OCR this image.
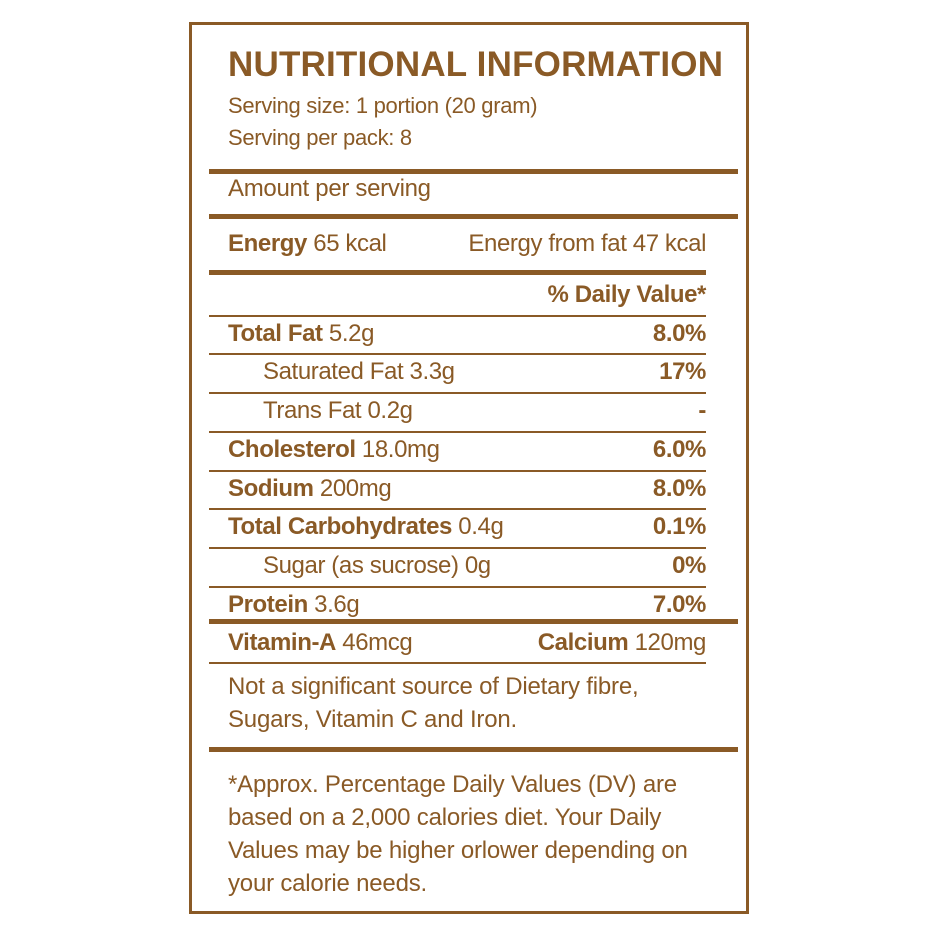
NUTRITIONAL INFORMATION
Serving size: 1 portion (20 gram)
Serving per pack: 8
Amount per serving
Energy 65 kcal	Energy from fat 47 kcal
% Daily Value*
Total Fat 5.2g	8.0%
Saturated Fat 3.3g	17%
Trans Fat 0.2g	-
Cholesterol 18.0mg	6.0%
Sodium 200mg	8.0%
Total Carbohydrates 0.4g	0.1%
Sugar (as sucrose) 0g	0%
Protein 3.6g	7.0%
Vitamin-A 46mcg	Calcium 120mg
Not a significant source of Dietary fibre,
Sugars, Vitamin C and Iron.
*Approx. Percentage Daily Values (DV) are
based on a 2,000 calories diet. Your Daily
Values may be higher orlower depending on
your calorie needs.
